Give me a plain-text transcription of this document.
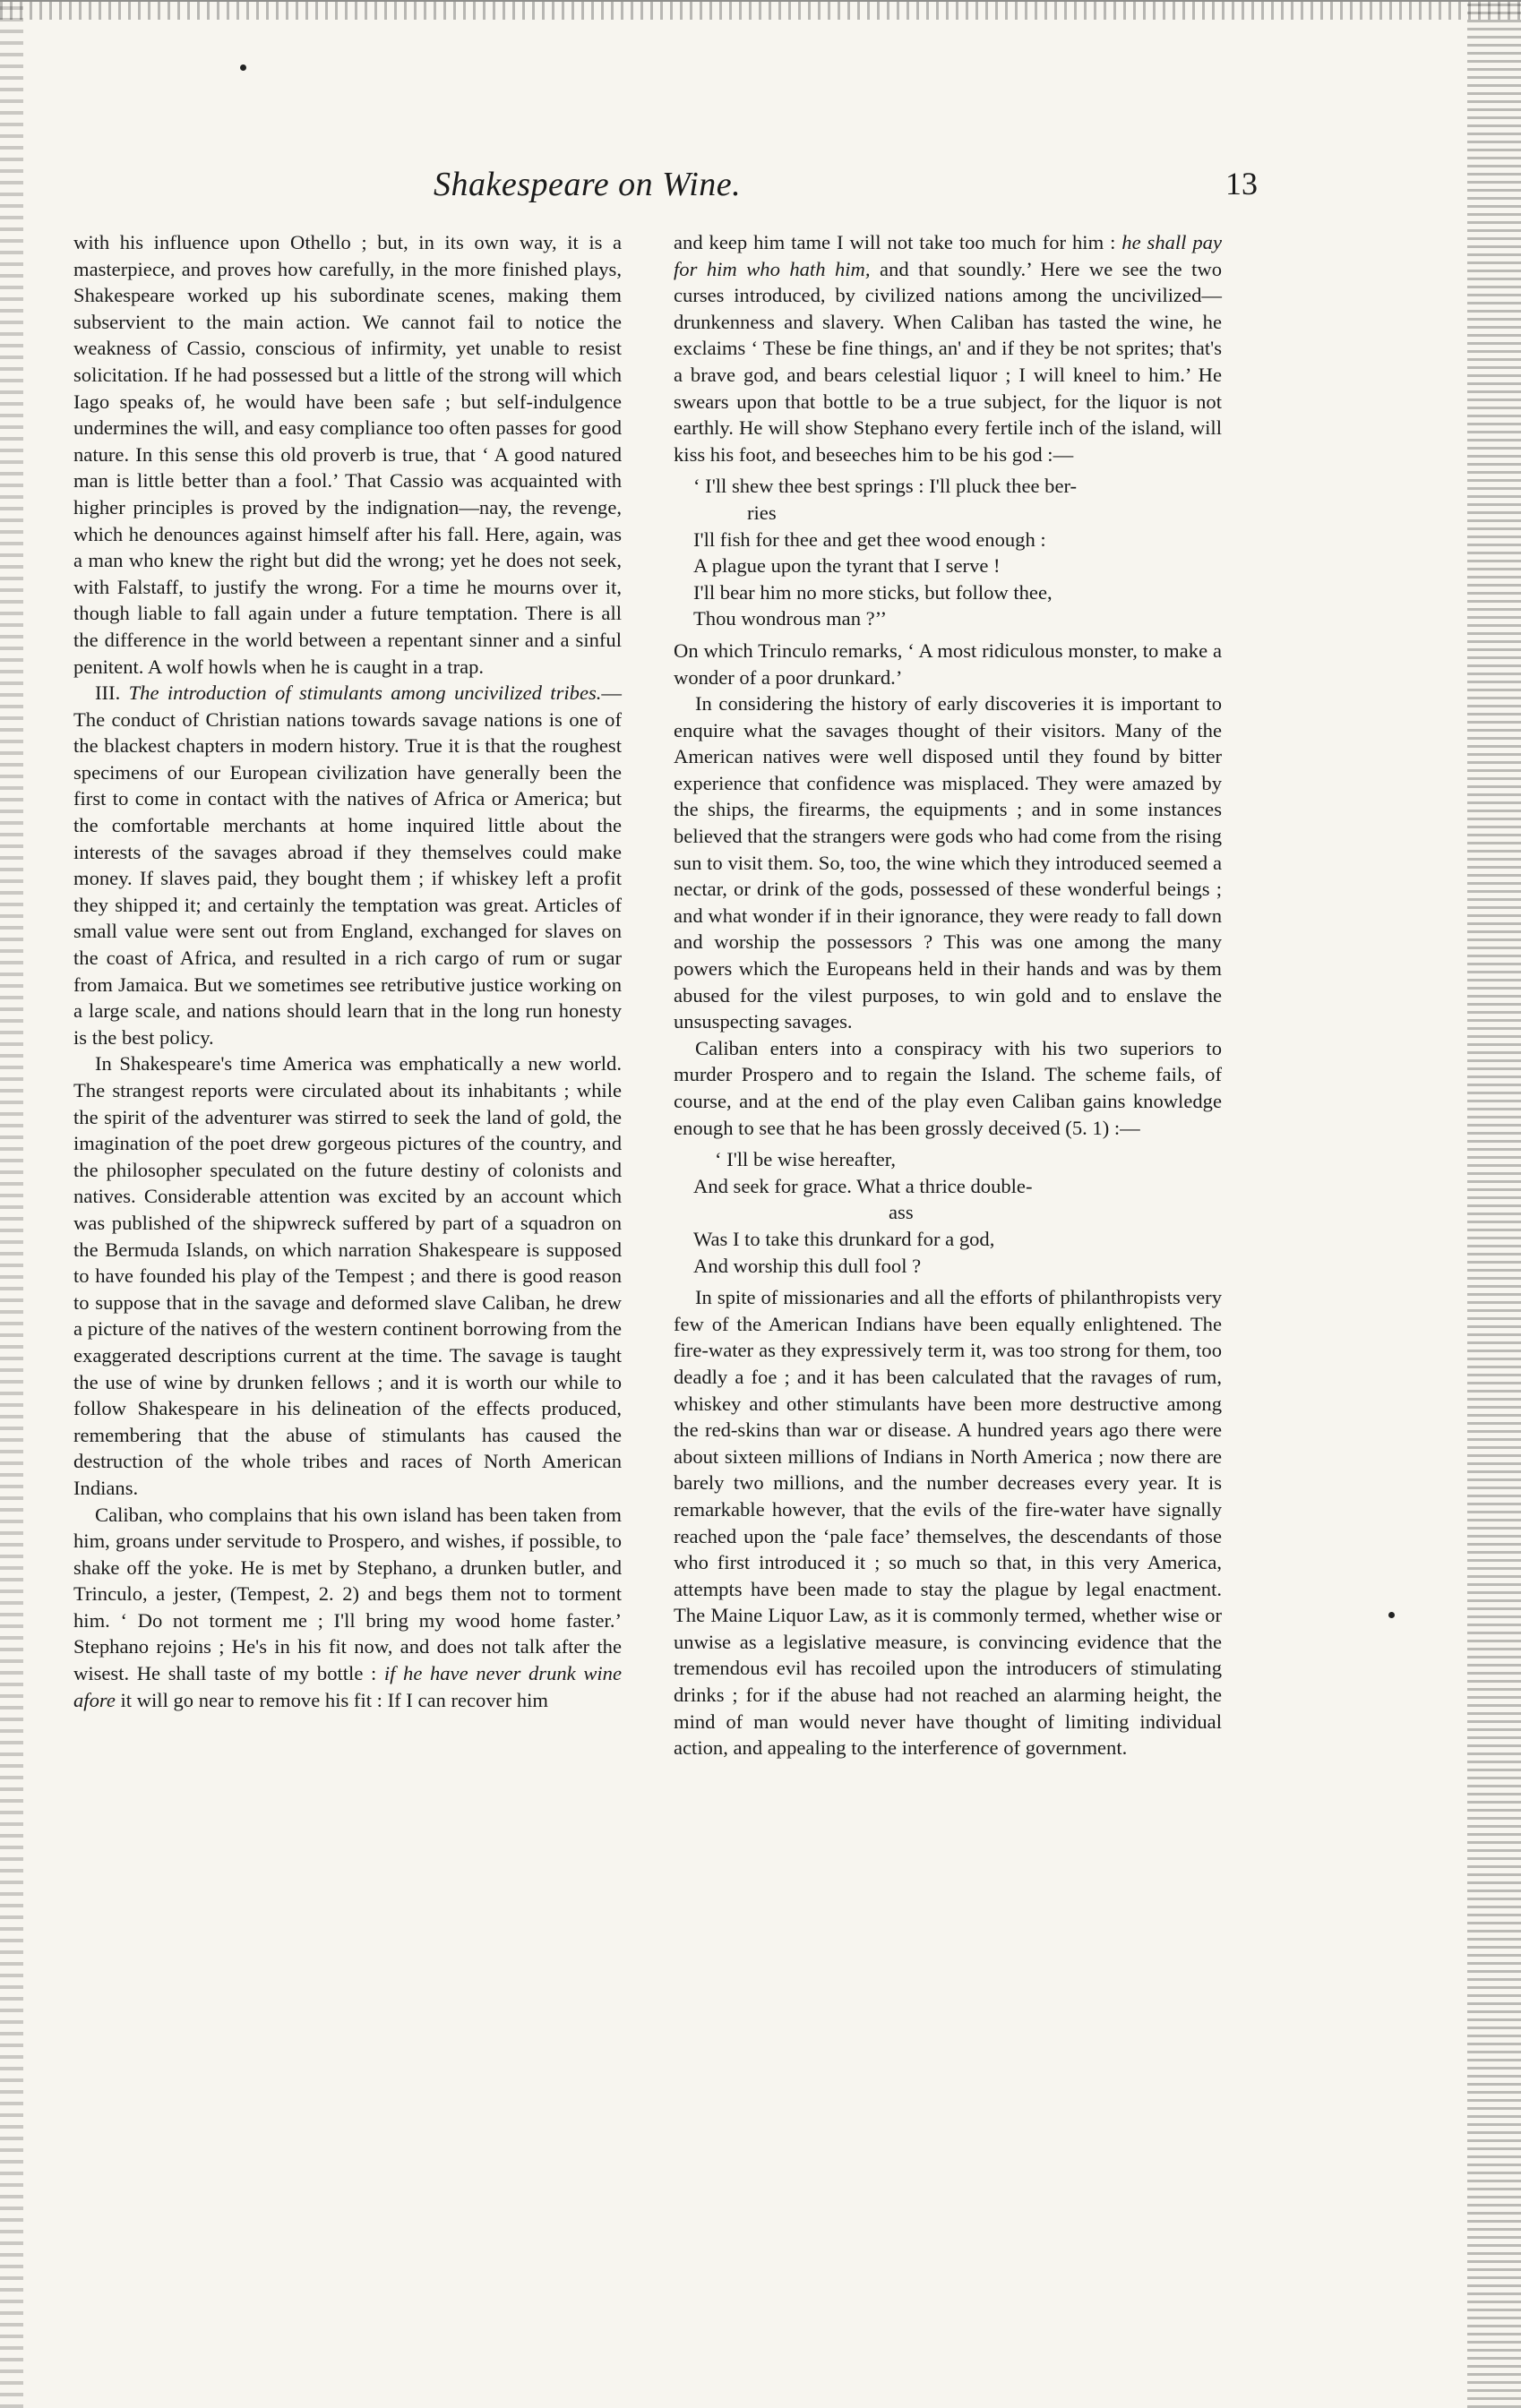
Shakespeare on Wine.	13

with his influence upon Othello ; but, in its own way, it is a masterpiece, and proves how carefully, in the more finished plays, Shakespeare worked up his subordinate scenes, making them subservient to the main action. We cannot fail to notice the weakness of Cassio, conscious of infirmity, yet unable to resist solicitation. If he had possessed but a little of the strong will which Iago speaks of, he would have been safe ; but self-indulgence undermines the will, and easy compliance too often passes for good nature. In this sense this old proverb is true, that ‘ A good natured man is little better than a fool.’ That Cassio was acquainted with higher principles is proved by the indignation—nay, the revenge, which he denounces against himself after his fall. Here, again, was a man who knew the right but did the wrong; yet he does not seek, with Falstaff, to justify the wrong. For a time he mourns over it, though liable to fall again under a future temptation. There is all the difference in the world between a repentant sinner and a sinful penitent. A wolf howls when he is caught in a trap.

III. The introduction of stimulants among uncivilized tribes.—The conduct of Christian nations towards savage nations is one of the blackest chapters in modern history. True it is that the roughest specimens of our European civilization have generally been the first to come in contact with the natives of Africa or America; but the comfortable merchants at home inquired little about the interests of the savages abroad if they themselves could make money. If slaves paid, they bought them ; if whiskey left a profit they shipped it; and certainly the temptation was great. Articles of small value were sent out from England, exchanged for slaves on the coast of Africa, and resulted in a rich cargo of rum or sugar from Jamaica. But we sometimes see retributive justice working on a large scale, and nations should learn that in the long run honesty is the best policy.

In Shakespeare's time America was emphatically a new world. The strangest reports were circulated about its inhabitants ; while the spirit of the adventurer was stirred to seek the land of gold, the imagination of the poet drew gorgeous pictures of the country, and the philosopher speculated on the future destiny of colonists and natives. Considerable attention was excited by an account which was published of the shipwreck suffered by part of a squadron on the Bermuda Islands, on which narration Shakespeare is supposed to have founded his play of the Tempest ; and there is good reason to suppose that in the savage and deformed slave Caliban, he drew a picture of the natives of the western continent borrowing from the exaggerated descriptions current at the time. The savage is taught the use of wine by drunken fellows ; and it is worth our while to follow Shakespeare in his delineation of the effects produced, remembering that the abuse of stimulants has caused the destruction of the whole tribes and races of North American Indians.

Caliban, who complains that his own island has been taken from him, groans under servitude to Prospero, and wishes, if possible, to shake off the yoke. He is met by Stephano, a drunken butler, and Trinculo, a jester, (Tempest, 2. 2) and begs them not to torment him. ‘ Do not torment me ; I'll bring my wood home faster.’ Stephano rejoins ; He's in his fit now, and does not talk after the wisest. He shall taste of my bottle : if he have never drunk wine afore it will go near to remove his fit : If I can recover him

and keep him tame I will not take too much for him : he shall pay for him who hath him, and that soundly.’ Here we see the two curses introduced, by civilized nations among the uncivilized—drunkenness and slavery. When Caliban has tasted the wine, he exclaims ‘ These be fine things, an' and if they be not sprites; that's a brave god, and bears celestial liquor ; I will kneel to him.’ He swears upon that bottle to be a true subject, for the liquor is not earthly. He will show Stephano every fertile inch of the island, will kiss his foot, and beseeches him to be his god :—

‘ I'll shew thee best springs : I'll pluck thee ber-
ries
I'll fish for thee and get thee wood enough :
A plague upon the tyrant that I serve !
I'll bear him no more sticks, but follow thee,
Thou wondrous man ?’’

On which Trinculo remarks, ‘ A most ridiculous monster, to make a wonder of a poor drunkard.’

In considering the history of early discoveries it is important to enquire what the savages thought of their visitors. Many of the American natives were well disposed until they found by bitter experience that confidence was misplaced. They were amazed by the ships, the firearms, the equipments ; and in some instances believed that the strangers were gods who had come from the rising sun to visit them. So, too, the wine which they introduced seemed a nectar, or drink of the gods, possessed of these wonderful beings ; and what wonder if in their ignorance, they were ready to fall down and worship the possessors ? This was one among the many powers which the Europeans held in their hands and was by them abused for the vilest purposes, to win gold and to enslave the unsuspecting savages.

Caliban enters into a conspiracy with his two superiors to murder Prospero and to regain the Island. The scheme fails, of course, and at the end of the play even Caliban gains knowledge enough to see that he has been grossly deceived (5. 1) :—

‘ I'll be wise hereafter,
And seek for grace. What a thrice double-
ass
Was I to take this drunkard for a god,
And worship this dull fool ?

In spite of missionaries and all the efforts of philanthropists very few of the American Indians have been equally enlightened. The fire-water as they expressively term it, was too strong for them, too deadly a foe ; and it has been calculated that the ravages of rum, whiskey and other stimulants have been more destructive among the red-skins than war or disease. A hundred years ago there were about sixteen millions of Indians in North America ; now there are barely two millions, and the number decreases every year. It is remarkable however, that the evils of the fire-water have signally reached upon the ‘pale face’ themselves, the descendants of those who first introduced it ; so much so that, in this very America, attempts have been made to stay the plague by legal enactment. The Maine Liquor Law, as it is commonly termed, whether wise or unwise as a legislative measure, is convincing evidence that the tremendous evil has recoiled upon the introducers of stimulating drinks ; for if the abuse had not reached an alarming height, the mind of man would never have thought of limiting individual action, and appealing to the interference of government.
